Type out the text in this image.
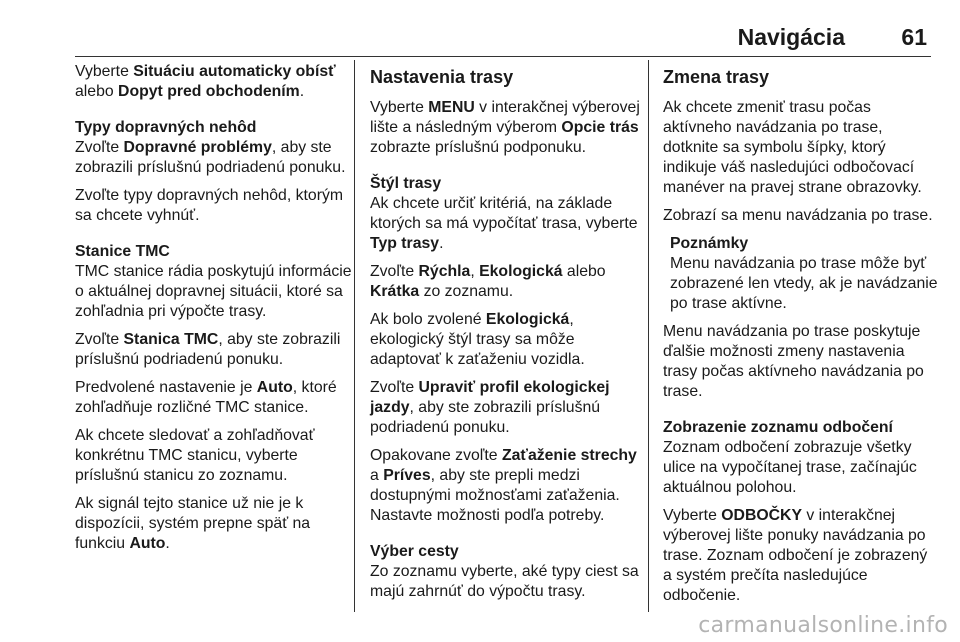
Navigácia 61

Vyberte Situáciu automaticky obísť alebo Dopyt pred obchodením.

Typy dopravných nehôd

Zvoľte Dopravné problémy, aby ste zobrazili príslušnú podriadenú ponuku.

Zvoľte typy dopravných nehôd, ktorým sa chcete vyhnúť.

Stanice TMC

TMC stanice rádia poskytujú informácie o aktuálnej dopravnej situácii, ktoré sa zohľadnia pri výpočte trasy.

Zvoľte Stanica TMC, aby ste zobrazili príslušnú podriadenú ponuku.

Predvolené nastavenie je Auto, ktoré zohľadňuje rozličné TMC stanice.

Ak chcete sledovať a zohľadňovať konkrétnu TMC stanicu, vyberte príslušnú stanicu zo zoznamu.

Ak signál tejto stanice už nie je k dispozícii, systém prepne späť na funkciu Auto.

Nastavenia trasy

Vyberte MENU v interakčnej výberovej lište a následným výberom Opcie trás zobrazte príslušnú podponuku.

Štýl trasy

Ak chcete určiť kritériá, na základe ktorých sa má vypočítať trasa, vyberte Typ trasy.

Zvoľte Rýchla, Ekologická alebo Krátka zo zoznamu.

Ak bolo zvolené Ekologická, ekologický štýl trasy sa môže adaptovať k zaťaženiu vozidla.

Zvoľte Upraviť profil ekologickej jazdy, aby ste zobrazili príslušnú podriadenú ponuku.

Opakovane zvoľte Zaťaženie strechy a Príves, aby ste prepli medzi dostupnými možnosťami zaťaženia. Nastavte možnosti podľa potreby.

Výber cesty

Zo zoznamu vyberte, aké typy ciest sa majú zahrnúť do výpočtu trasy.

Zmena trasy

Ak chcete zmeniť trasu počas aktívneho navádzania po trase, dotknite sa symbolu šípky, ktorý indikuje váš nasledujúci odbočovací manéver na pravej strane obrazovky.

Zobrazí sa menu navádzania po trase.

Poznámky

Menu navádzania po trase môže byť zobrazené len vtedy, ak je navádzanie po trase aktívne.

Menu navádzania po trase poskytuje ďalšie možnosti zmeny nastavenia trasy počas aktívneho navádzania po trase.

Zobrazenie zoznamu odbočení

Zoznam odbočení zobrazuje všetky ulice na vypočítanej trase, začínajúc aktuálnou polohou.

Vyberte ODBOČKY v interakčnej výberovej lište ponuky navádzania po trase. Zoznam odbočení je zobrazený a systém prečíta nasledujúce odbočenie.

carmanualsonline.info
